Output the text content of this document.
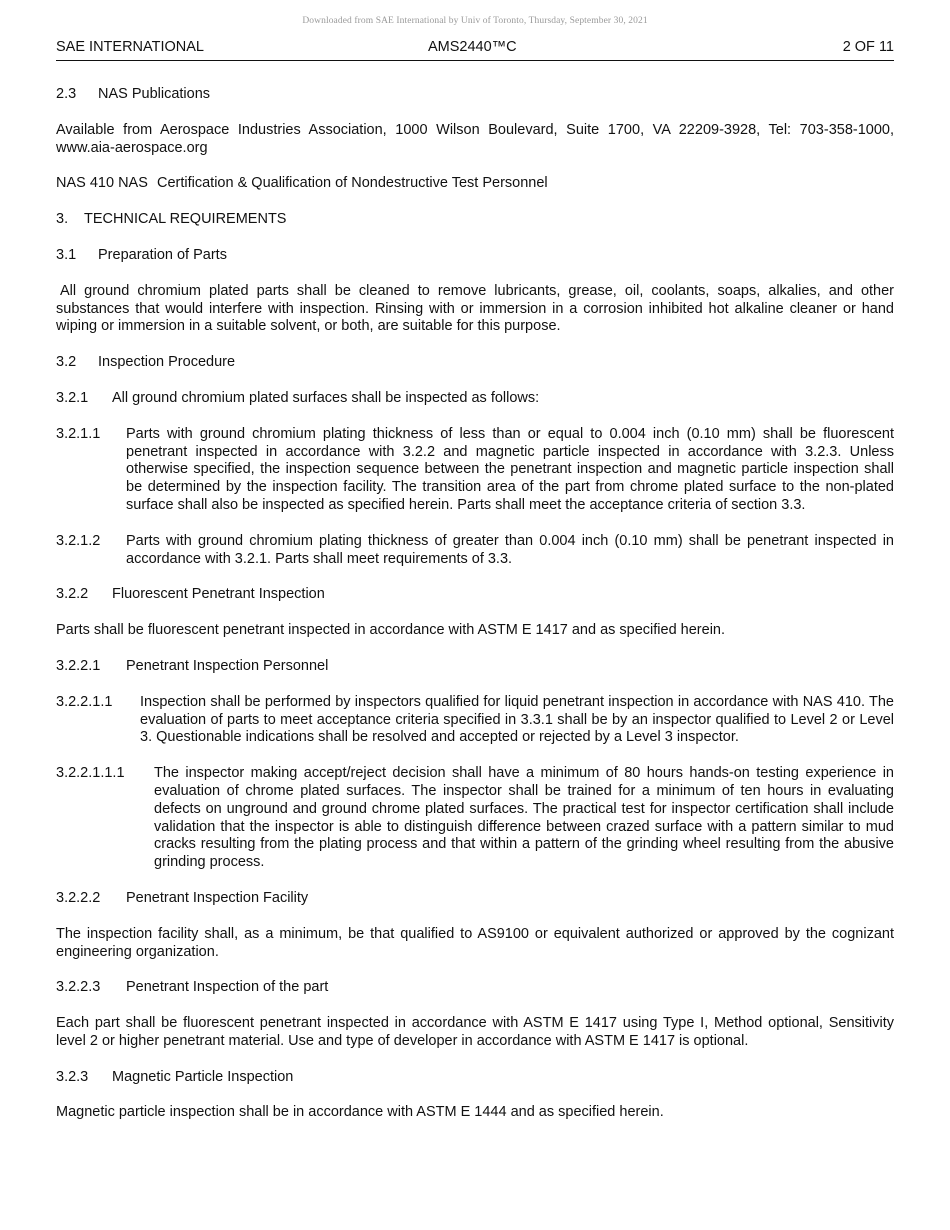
Downloaded from SAE International by Univ of Toronto, Thursday, September 30, 2021
SAE INTERNATIONAL	AMS2440™C	2 OF 11
2.3	NAS Publications
Available from Aerospace Industries Association, 1000 Wilson Boulevard, Suite 1700, VA 22209-3928, Tel: 703-358-1000, www.aia-aerospace.org
NAS 410 NAS Certification & Qualification of Nondestructive Test Personnel
3.	TECHNICAL REQUIREMENTS
3.1	Preparation of Parts
All ground chromium plated parts shall be cleaned to remove lubricants, grease, oil, coolants, soaps, alkalies, and other substances that would interfere with inspection. Rinsing with or immersion in a corrosion inhibited hot alkaline cleaner or hand wiping or immersion in a suitable solvent, or both, are suitable for this purpose.
3.2	Inspection Procedure
3.2.1	All ground chromium plated surfaces shall be inspected as follows:
3.2.1.1	Parts with ground chromium plating thickness of less than or equal to 0.004 inch (0.10 mm) shall be fluorescent penetrant inspected in accordance with 3.2.2 and magnetic particle inspected in accordance with 3.2.3. Unless otherwise specified, the inspection sequence between the penetrant inspection and magnetic particle inspection shall be determined by the inspection facility. The transition area of the part from chrome plated surface to the non-plated surface shall also be inspected as specified herein. Parts shall meet the acceptance criteria of section 3.3.
3.2.1.2	Parts with ground chromium plating thickness of greater than 0.004 inch (0.10 mm) shall be penetrant inspected in accordance with 3.2.1. Parts shall meet requirements of 3.3.
3.2.2	Fluorescent Penetrant Inspection
Parts shall be fluorescent penetrant inspected in accordance with ASTM E 1417 and as specified herein.
3.2.2.1	Penetrant Inspection Personnel
3.2.2.1.1	Inspection shall be performed by inspectors qualified for liquid penetrant inspection in accordance with NAS 410. The evaluation of parts to meet acceptance criteria specified in 3.3.1 shall be by an inspector qualified to Level 2 or Level 3. Questionable indications shall be resolved and accepted or rejected by a Level 3 inspector.
3.2.2.1.1.1	The inspector making accept/reject decision shall have a minimum of 80 hours hands-on testing experience in evaluation of chrome plated surfaces. The inspector shall be trained for a minimum of ten hours in evaluating defects on unground and ground chrome plated surfaces. The practical test for inspector certification shall include validation that the inspector is able to distinguish difference between crazed surface with a pattern similar to mud cracks resulting from the plating process and that within a pattern of the grinding wheel resulting from the abusive grinding process.
3.2.2.2	Penetrant Inspection Facility
The inspection facility shall, as a minimum, be that qualified to AS9100 or equivalent authorized or approved by the cognizant engineering organization.
3.2.2.3	Penetrant Inspection of the part
Each part shall be fluorescent penetrant inspected in accordance with ASTM E 1417 using Type I, Method optional, Sensitivity level 2 or higher penetrant material. Use and type of developer in accordance with ASTM E 1417 is optional.
3.2.3	Magnetic Particle Inspection
Magnetic particle inspection shall be in accordance with ASTM E 1444 and as specified herein.
